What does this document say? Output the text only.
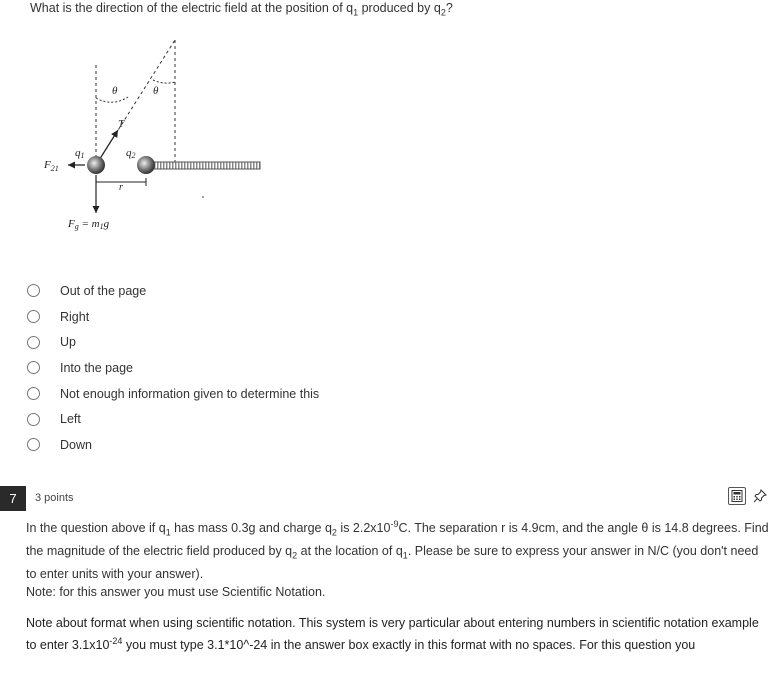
What is the direction of the electric field at the position of $q_1$ produced by $q_2$?
θ	θ
T
q1	q2
$F_{21}$
r
Fg = m1g
Out of the page
Right
Up
Into the page
Not enough information given to determine this
Left
Down
7	3 points

In the question above if $q_1$ has mass 0.3g and charge $q_2$ is $2.2x10^{-9}C$. The separation r is 4.9cm, and the angle θ is 14.8 degrees. Find the magnitude of the electric field produced by $q_2$ at the location of $q_1$. Please be sure to express your answer in N/C (you don't need to enter units with your answer).

Note: for this answer you must use Scientific Notation.
Note about format when using scientific notation. This system is very particular about entering numbers in scientific notation example to enter $3.1x10^{-24}$ you must type 3.1*10^-24 in the answer box exactly in this format with no spaces. For this question you
